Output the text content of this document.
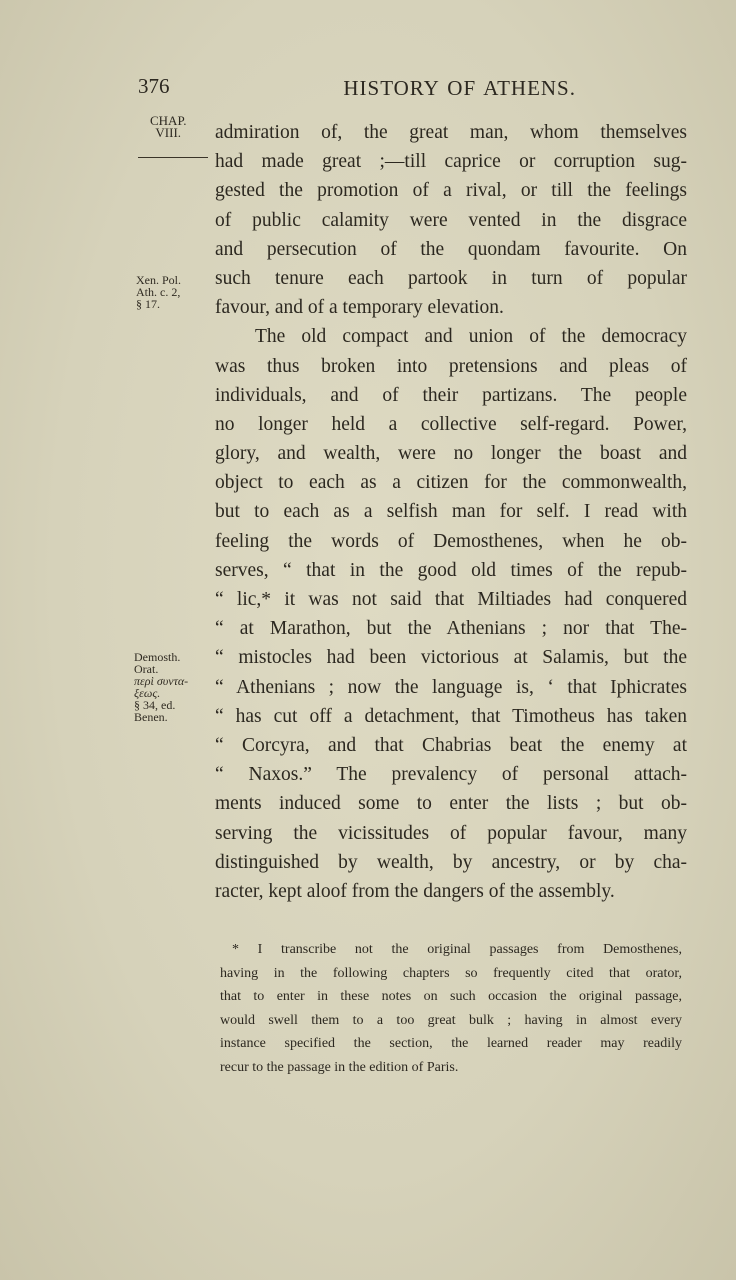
376	HISTORY OF ATHENS.
CHAP.
VIII.
Xen. Pol.
Ath. c. 2,
§ 17.
Demosth.
Orat.
περὶ συντα-
ξεως.
§ 34, ed.
Benen.
admiration of, the great man, whom themselves
had made great ;—till caprice or corruption sug-
gested the promotion of a rival, or till the feelings
of public calamity were vented in the disgrace
and persecution of the quondam favourite. On
such tenure each partook in turn of popular
favour, and of a temporary elevation.
The old compact and union of the democracy
was thus broken into pretensions and pleas of
individuals, and of their partizans. The people
no longer held a collective self-regard. Power,
glory, and wealth, were no longer the boast and
object to each as a citizen for the commonwealth,
but to each as a selfish man for self. I read with
feeling the words of Demosthenes, when he ob-
serves, “ that in the good old times of the repub-
“ lic,* it was not said that Miltiades had conquered
“ at Marathon, but the Athenians ; nor that The-
“ mistocles had been victorious at Salamis, but the
“ Athenians ; now the language is, ‘ that Iphicrates
“ has cut off a detachment, that Timotheus has taken
“ Corcyra, and that Chabrias beat the enemy at
“ Naxos.” The prevalency of personal attach-
ments induced some to enter the lists ; but ob-
serving the vicissitudes of popular favour, many
distinguished by wealth, by ancestry, or by cha-
racter, kept aloof from the dangers of the assembly.
* I transcribe not the original passages from Demosthenes,
having in the following chapters so frequently cited that orator,
that to enter in these notes on such occasion the original passage,
would swell them to a too great bulk ; having in almost every
instance specified the section, the learned reader may readily
recur to the passage in the edition of Paris.
